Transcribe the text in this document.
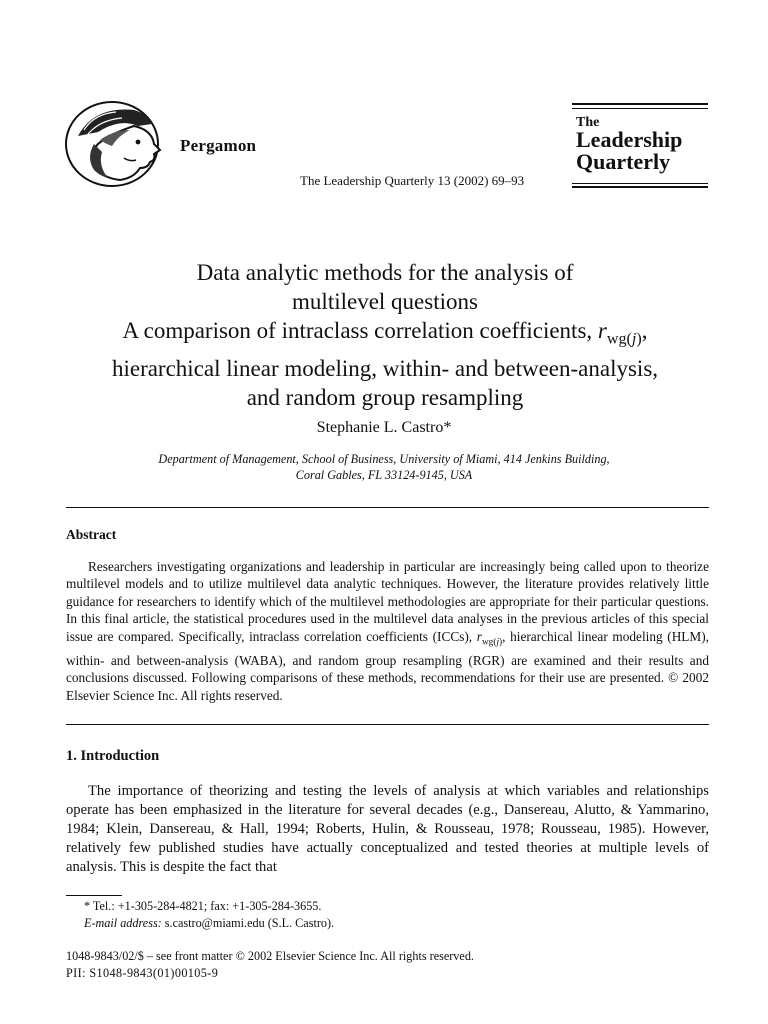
Pergamon
The Leadership Quarterly 13 (2002) 69–93
The
Leadership
Quarterly
Data analytic methods for the analysis of
multilevel questions
A comparison of intraclass correlation coefficients, $r_{wg(j)}$,
hierarchical linear modeling, within- and between-analysis,
and random group resampling
Stephanie L. Castro*
Department of Management, School of Business, University of Miami, 414 Jenkins Building,
Coral Gables, FL 33124-9145, USA
Abstract
Researchers investigating organizations and leadership in particular are increasingly being called upon to theorize multilevel models and to utilize multilevel data analytic techniques. However, the literature provides relatively little guidance for researchers to identify which of the multilevel methodologies are appropriate for their particular questions. In this final article, the statistical procedures used in the multilevel data analyses in the previous articles of this special issue are compared. Specifically, intraclass correlation coefficients (ICCs), $r_{wg(j)}$, hierarchical linear modeling (HLM), within- and between-analysis (WABA), and random group resampling (RGR) are examined and their results and conclusions discussed. Following comparisons of these methods, recommendations for their use are presented. © 2002 Elsevier Science Inc. All rights reserved.
1. Introduction
The importance of theorizing and testing the levels of analysis at which variables and relationships operate has been emphasized in the literature for several decades (e.g., Dansereau, Alutto, & Yammarino, 1984; Klein, Dansereau, & Hall, 1994; Roberts, Hulin, & Rousseau, 1978; Rousseau, 1985). However, relatively few published studies have actually conceptualized and tested theories at multiple levels of analysis. This is despite the fact that
* Tel.: +1-305-284-4821; fax: +1-305-284-3655.
E-mail address: s.castro@miami.edu (S.L. Castro).
1048-9843/02/$ – see front matter © 2002 Elsevier Science Inc. All rights reserved.
PII: S1048-9843(01)00105-9
